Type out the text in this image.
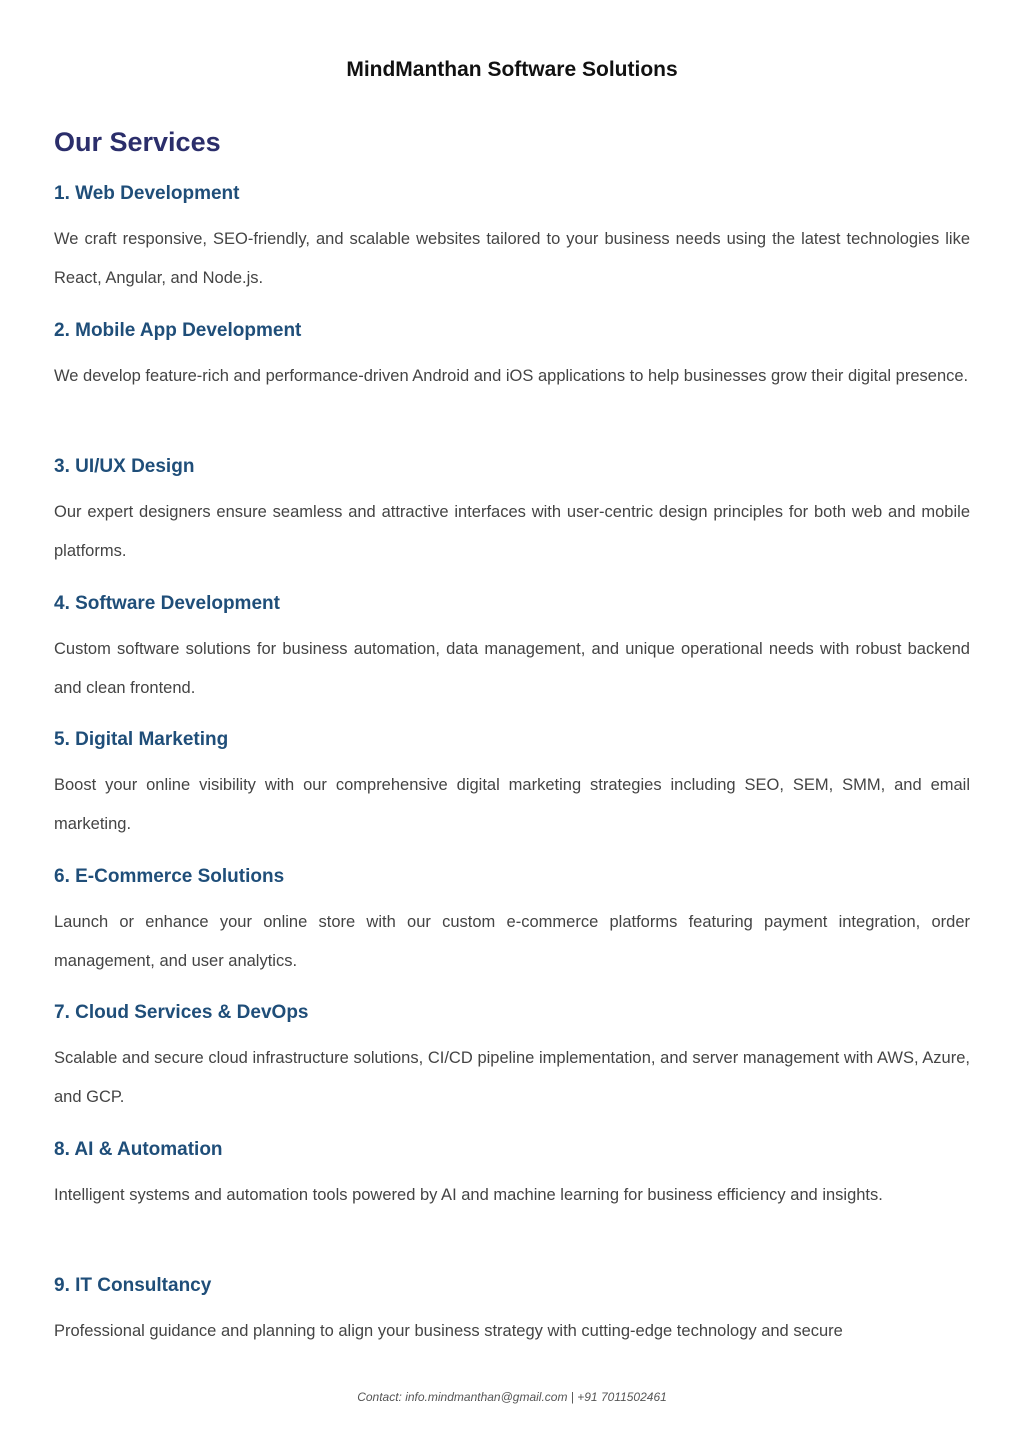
MindManthan Software Solutions
Our Services
1. Web Development

We craft responsive, SEO-friendly, and scalable websites tailored to your business needs using the latest technologies like React, Angular, and Node.js.

2. Mobile App Development

We develop feature-rich and performance-driven Android and iOS applications to help businesses grow their digital presence.

3. UI/UX Design

Our expert designers ensure seamless and attractive interfaces with user-centric design principles for both web and mobile platforms.

4. Software Development

Custom software solutions for business automation, data management, and unique operational needs with robust backend and clean frontend.

5. Digital Marketing

Boost your online visibility with our comprehensive digital marketing strategies including SEO, SEM, SMM, and email marketing.

6. E-Commerce Solutions

Launch or enhance your online store with our custom e-commerce platforms featuring payment integration, order management, and user analytics.

7. Cloud Services & DevOps

Scalable and secure cloud infrastructure solutions, CI/CD pipeline implementation, and server management with AWS, Azure, and GCP.

8. AI & Automation

Intelligent systems and automation tools powered by AI and machine learning for business efficiency and insights.

9. IT Consultancy

Professional guidance and planning to align your business strategy with cutting-edge technology and secure

Contact: info.mindmanthan@gmail.com | +91 7011502461
